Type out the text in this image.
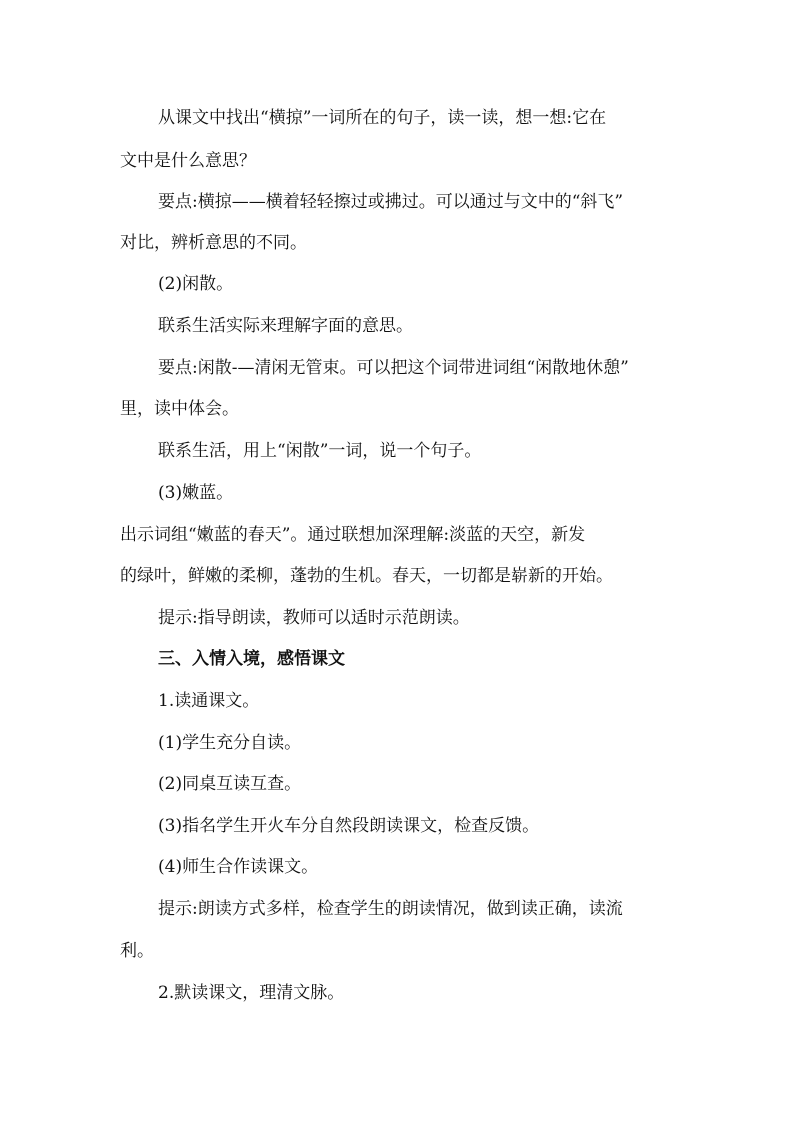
从课文中找出“横掠”一词所在的句子，读一读，想一想:它在
文中是什么意思？
要点:横掠——横着轻轻擦过或拂过。可以通过与文中的“斜飞”
对比，辨析意思的不同。
(2)闲散。
联系生活实际来理解字面的意思。
要点:闲散-—清闲无管束。可以把这个词带进词组“闲散地休憩”
里，读中体会。
联系生活，用上“闲散”一词，说一个句子。
(3)嫩蓝。
出示词组“嫩蓝的春天”。通过联想加深理解:淡蓝的天空，新发
的绿叶，鲜嫩的柔柳，蓬勃的生机。春天，一切都是崭新的开始。
提示:指导朗读，教师可以适时示范朗读。
三、入情入境，感悟课文
1.读通课文。
(1)学生充分自读。
(2)同桌互读互查。
(3)指名学生开火车分自然段朗读课文，检查反馈。
(4)师生合作读课文。
提示:朗读方式多样，检查学生的朗读情况，做到读正确，读流
利。
2.默读课文，理清文脉。
